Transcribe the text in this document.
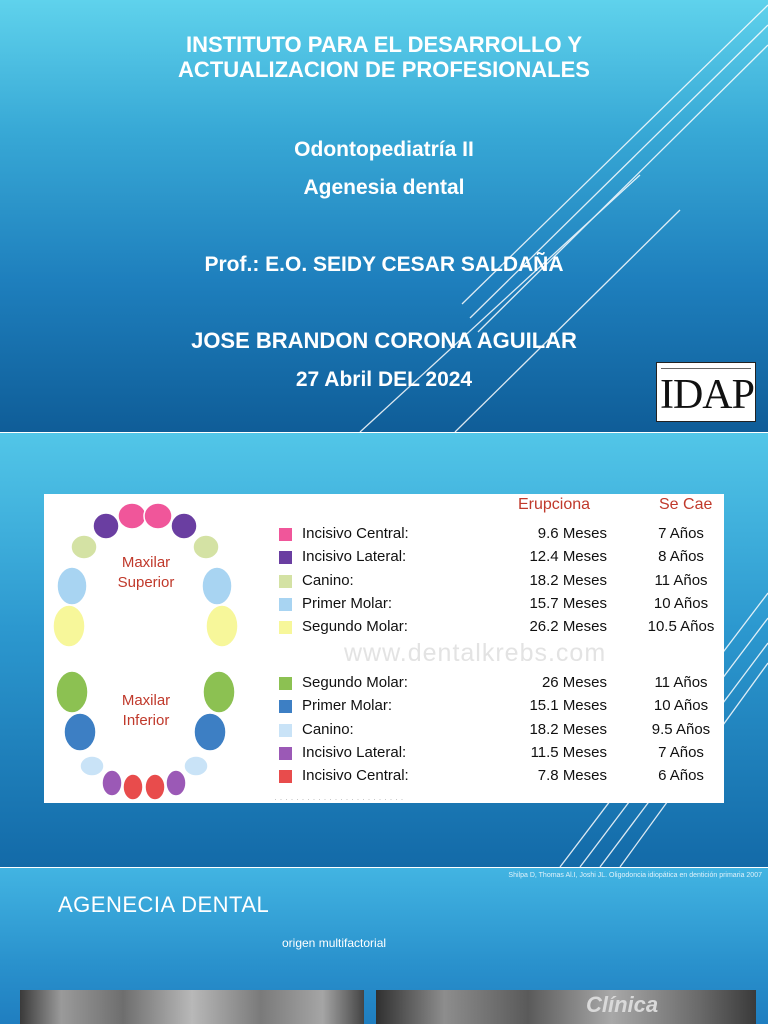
INSTITUTO PARA EL DESARROLLO Y
ACTUALIZACION DE PROFESIONALES
Odontopediatría II
Agenesia dental
Prof.: E.O. SEIDY CESAR SALDAÑA
JOSE BRANDON CORONA AGUILAR
27 Abril DEL 2024	IDAP
Maxilar
Superior
Maxilar
Inferior
www.dentalkrebs.com
Erupciona	Se Cae
Incisivo Central:	9.6 Meses	7 Años
Incisivo Lateral:	12.4 Meses	8 Años
Canino:	18.2 Meses	11 Años
Primer Molar:	15.7 Meses	10 Años
Segundo Molar:	26.2 Meses	10.5 Años
Segundo Molar:	26 Meses	11 Años
Primer Molar:	15.1 Meses	10 Años
Canino:	18.2 Meses	9.5 Años
Incisivo Lateral:	11.5 Meses	7 Años
Incisivo Central:	7.8 Meses	6 Años
· · · · · · · · · · · · · · · · · · · · · · · ·
Shilpa D, Thomas Al.I, Joshi JL. Oligodoncia idiopática en dentición primaria 2007
AGENECIA DENTAL
origen multifactorial
Clínica
